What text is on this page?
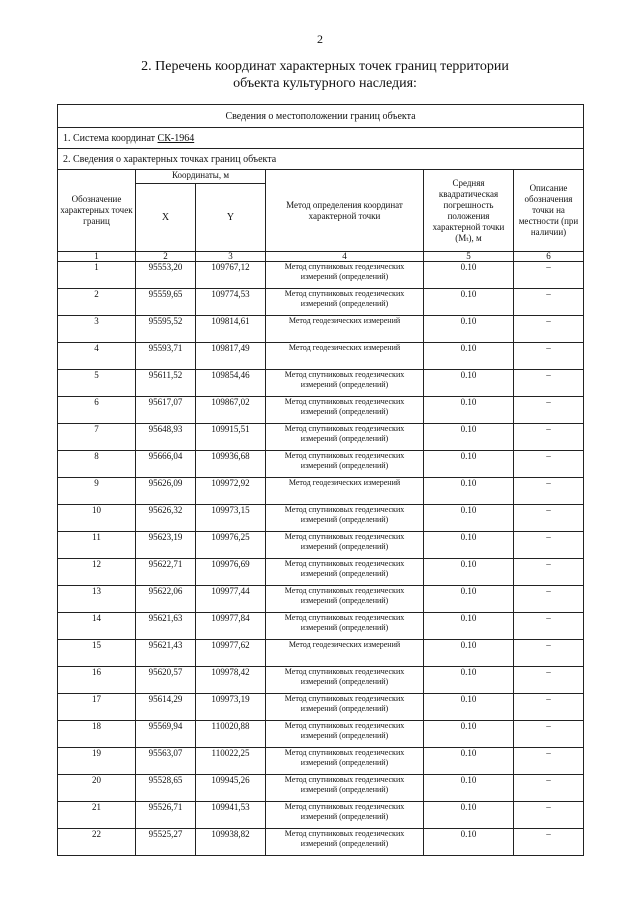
2
2. Перечень координат характерных точек границ территории
объекта культурного наследия:
Сведения о местоположении границ объекта					
1. Система координат СК-1964					
2. Сведения о характерных точках границ объекта					
Обозначение характерных точек границ	Координаты, м		Метод определения координат характерной точки	Средняя квадратическая погрешность положения характерной точки (Mₜ), м	Описание обозначения точки на местности (при наличии)
	X	Y			
1	2	3	4	5	6
1	95553,20	109767,12	Метод спутниковых геодезических измерений (определений)	0.10	–
2	95559,65	109774,53	Метод спутниковых геодезических измерений (определений)	0.10	–
3	95595,52	109814,61	Метод геодезических измерений	0.10	–
4	95593,71	109817,49	Метод геодезических измерений	0.10	–
5	95611,52	109854,46	Метод спутниковых геодезических измерений (определений)	0.10	–
6	95617,07	109867,02	Метод спутниковых геодезических измерений (определений)	0.10	–
7	95648,93	109915,51	Метод спутниковых геодезических измерений (определений)	0.10	–
8	95666,04	109936,68	Метод спутниковых геодезических измерений (определений)	0.10	–
9	95626,09	109972,92	Метод геодезических измерений	0.10	–
10	95626,32	109973,15	Метод спутниковых геодезических измерений (определений)	0.10	–
11	95623,19	109976,25	Метод спутниковых геодезических измерений (определений)	0.10	–
12	95622,71	109976,69	Метод спутниковых геодезических измерений (определений)	0.10	–
13	95622,06	109977,44	Метод спутниковых геодезических измерений (определений)	0.10	–
14	95621,63	109977,84	Метод спутниковых геодезических измерений (определений)	0.10	–
15	95621,43	109977,62	Метод геодезических измерений	0.10	–
16	95620,57	109978,42	Метод спутниковых геодезических измерений (определений)	0.10	–
17	95614,29	109973,19	Метод спутниковых геодезических измерений (определений)	0.10	–
18	95569,94	110020,88	Метод спутниковых геодезических измерений (определений)	0.10	–
19	95563,07	110022,25	Метод спутниковых геодезических измерений (определений)	0.10	–
20	95528,65	109945,26	Метод спутниковых геодезических измерений (определений)	0.10	–
21	95526,71	109941,53	Метод спутниковых геодезических измерений (определений)	0.10	–
22	95525,27	109938,82	Метод спутниковых геодезических измерений (определений)	0.10	–
